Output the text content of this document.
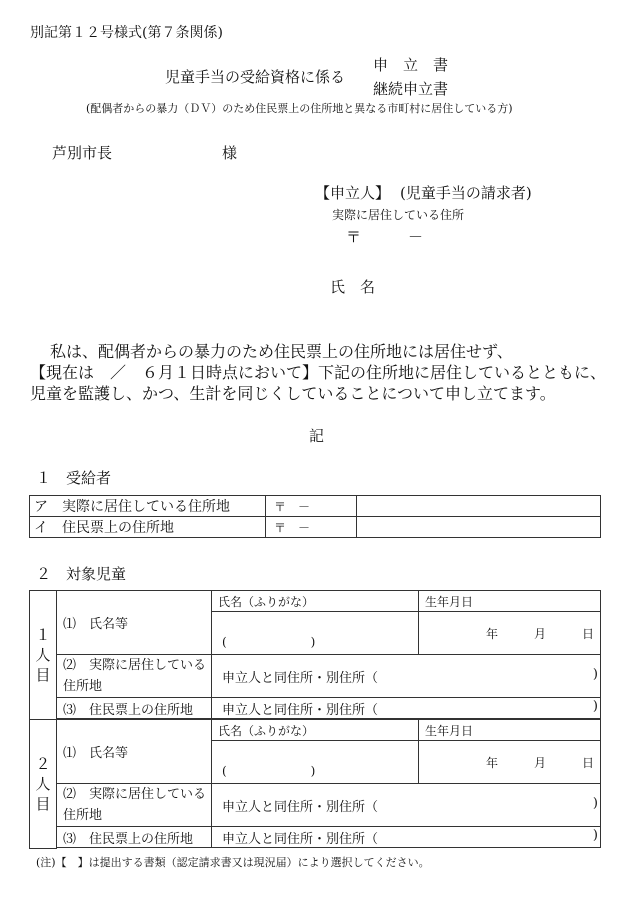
別記第１２号様式(第７条関係)
児童手当の受給資格に係る
申　立　書
継続申立書
(配偶者からの暴力（ＤＶ）のため住民票上の住所地と異なる市町村に居住している方)
芦別市長	様
【申立人】 (児童手当の請求者)
実際に居住している住所
〒	－
氏　名
私は、配偶者からの暴力のため住民票上の住所地には居住せず、
【現在は　／　６月１日時点において】下記の住所地に居住しているとともに、
児童を監護し、かつ、生計を同じくしていることについて申し立てます。
記
１　受給者
ア　実際に居住している住所地	〒　－	
イ　住民票上の住所地	〒　－	
２　対象児童
１人目	⑴　氏名等	氏名（ふりがな）	生年月日
		(　　　　　　　)	年　　　月　　　日
	⑵　実際に居住している住所地	申立人と同住所・別住所（ )	

	⑶　住民票上の住所地	申立人と同住所・別住所（ )	

２人目	⑴　氏名等	氏名（ふりがな）	生年月日
		(　　　　　　　)	年　　　月　　　日
	⑵　実際に居住している住所地	申立人と同住所・別住所（ )	

	⑶　住民票上の住所地	申立人と同住所・別住所（ )	

(注)【　】は提出する書類（認定請求書又は現況届）により選択してください。
